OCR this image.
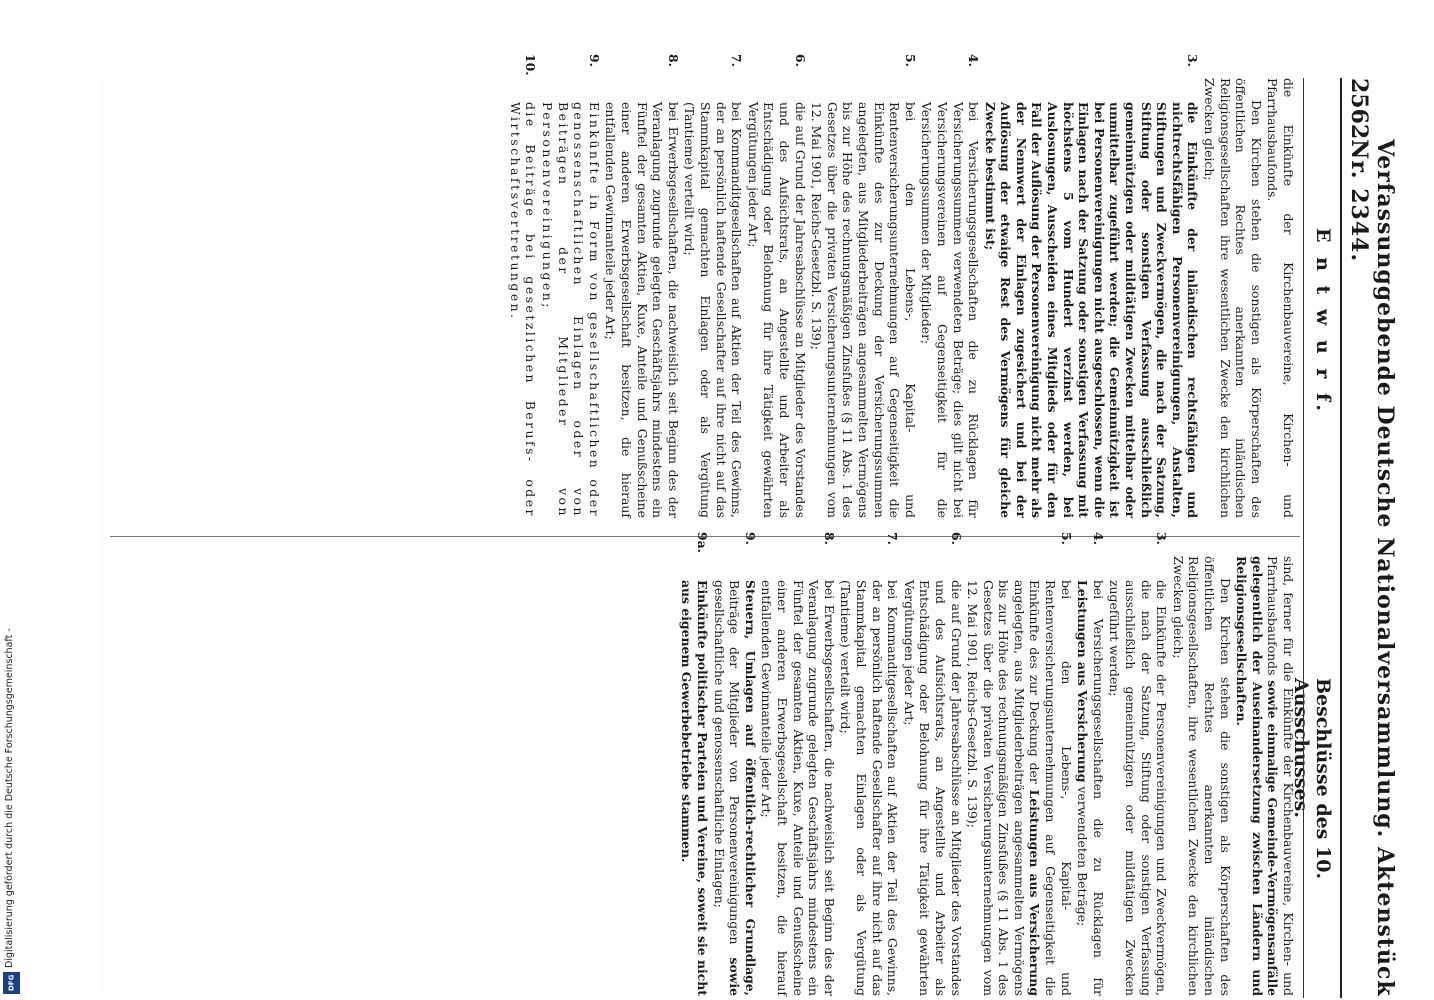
2562
Verfassunggebende Deutsche Nationalversammlung. Aktenstück Nr. 2344.
E n t w u r f.
Beschlüsse des 10. Ausschusses.

die Einkünfte der Kirchenbauvereine, Kirchen- und Pfarrhausbaufonds.

Den Kirchen stehen die sonstigen als Körperschaften des öffentlichen Rechtes anerkannten inländischen Religionsgesellschaften ihre wesentlichen Zwecke den kirchlichen Zwecken gleich;

3.die Einkünfte der inländischen rechtsfähigen und nichtrechtsfähigen Personenvereinigungen, Anstalten, Stiftungen und Zweckvermögen, die nach der Satzung, Stiftung oder sonstigen Verfassung ausschließlich gemeinnützigen oder mildtätigen Zwecken mittelbar oder unmittelbar zugeführt werden; die Gemeinnützigkeit ist bei Personenvereinigungen nicht ausgeschlossen, wenn die Einlagen nach der Satzung oder sonstigen Verfassung mit höchstens 5 vom Hundert verzinst werden, bei Auslosungen, Ausscheiden eines Mitglieds oder für den Fall der Auflösung der Personenvereinigung nicht mehr als der Nennwert der Einlagen zugesichert und bei der Auflösung der etwaige Rest des Vermögens für gleiche Zwecke bestimmt ist;

4.bei Versicherungsgesellschaften die zu Rücklagen für Versicherungssummen verwendeten Beträge; dies gilt nicht bei Versicherungsvereinen auf Gegenseitigkeit für die Versicherungssummen der Mitglieder;

5.bei den Lebens-, Kapital- und Rentenversicherungsunternehmungen auf Gegenseitigkeit die Einkünfte des zur Deckung der Versicherungssummen angelegten, aus Mitgliederbeiträgen angesammelten Vermögens bis zur Höhe des rechnungsmäßigen Zinsfußes (§ 11 Abs. 1 des Gesetzes über die privaten Versicherungsunternehmungen vom 12. Mai 1901, Reichs-Gesetzbl. S. 139);

6.die auf Grund der Jahresabschlüsse an Mitglieder des Vorstandes und des Aufsichtsrats, an Angestellte und Arbeiter als Entschädigung oder Belohnung für ihre Tätigkeit gewährten Vergütungen jeder Art;

7.bei Kommanditgesellschaften auf Aktien der Teil des Gewinns, der an persönlich haftende Gesellschafter auf ihre nicht auf das Stammkapital gemachten Einlagen oder als Vergütung (Tantieme) verteilt wird;

8.bei Erwerbsgesellschaften, die nachweislich seit Beginn des der Veranlagung zugrunde gelegten Geschäftsjahrs mindestens ein Fünftel der gesamten Aktien, Kuxe, Anteile und Genußscheine einer anderen Erwerbsgesellschaft besitzen, die hierauf entfallenden Gewinnanteile jeder Art;

9.Einkünfte in Form von gesellschaftlichen oder genossenschaftlichen Einlagen oder von Beiträgen der Mitglieder von Personenvereinigungen;

10.die Beiträge bei gesetzlichen Berufs- oder Wirtschaftsvertretungen.

sind, ferner für die Einkünfte der Kirchenbauvereine, Kirchen- und Pfarrhausbaufonds sowie einmalige Gemeinde-Vermögensanfälle gelegentlich der Auseinandersetzung zwischen Ländern und Religionsgesellschaften.

Den Kirchen stehen die sonstigen als Körperschaften des öffentlichen Rechtes anerkannten inländischen Religionsgesellschaften, ihre wesentlichen Zwecke den kirchlichen Zwecken gleich;

3.die Einkünfte der Personenvereinigungen und Zweckvermögen, die nach der Satzung, Stiftung oder sonstigen Verfassung ausschließlich gemeinnützigen oder mildtätigen Zwecken zugeführt werden;

4.bei Versicherungsgesellschaften die zu Rücklagen für Leistungen aus Versicherung verwendeten Beträge;

5.bei den Lebens-, Kapital- und Rentenversicherungsunternehmungen auf Gegenseitigkeit die Einkünfte des zur Deckung der Leistungen aus Versicherung angelegten, aus Mitgliederbeiträgen angesammelten Vermögens bis zur Höhe des rechnungsmäßigen Zinsfußes (§ 11 Abs. 1 des Gesetzes über die privaten Versicherungsunternehmungen vom 12. Mai 1901, Reichs-Gesetzbl. S. 139);

6.die auf Grund der Jahresabschlüsse an Mitglieder des Vorstandes und des Aufsichtsrats, an Angestellte und Arbeiter als Entschädigung oder Belohnung für ihre Tätigkeit gewährten Vergütungen jeder Art;

7.bei Kommanditgesellschaften auf Aktien der Teil des Gewinns, der an persönlich haftende Gesellschafter auf ihre nicht auf das Stammkapital gemachten Einlagen oder als Vergütung (Tantieme) verteilt wird;

8.bei Erwerbsgesellschaften, die nachweislich seit Beginn des der Veranlagung zugrunde gelegten Geschäftsjahrs mindestens ein Fünftel der gesamten Aktien, Kuxe, Anteile und Genußscheine einer anderen Erwerbsgesellschaft besitzen, die hierauf entfallenden Gewinnanteile jeder Art;

9.Steuern, Umlagen auf öffentlich-rechtlicher Grundlage, Beiträge der Mitglieder von Personenvereinigungen sowie gesellschaftliche und genossenschaftliche Einlagen;

9a.Einkünfte politischer Parteien und Vereine, soweit sie nicht aus eigenem Gewerbebetriebe stammen.

Digitalisierung gefördert durch die Deutsche Forschungsgemeinschaft -
DFG
